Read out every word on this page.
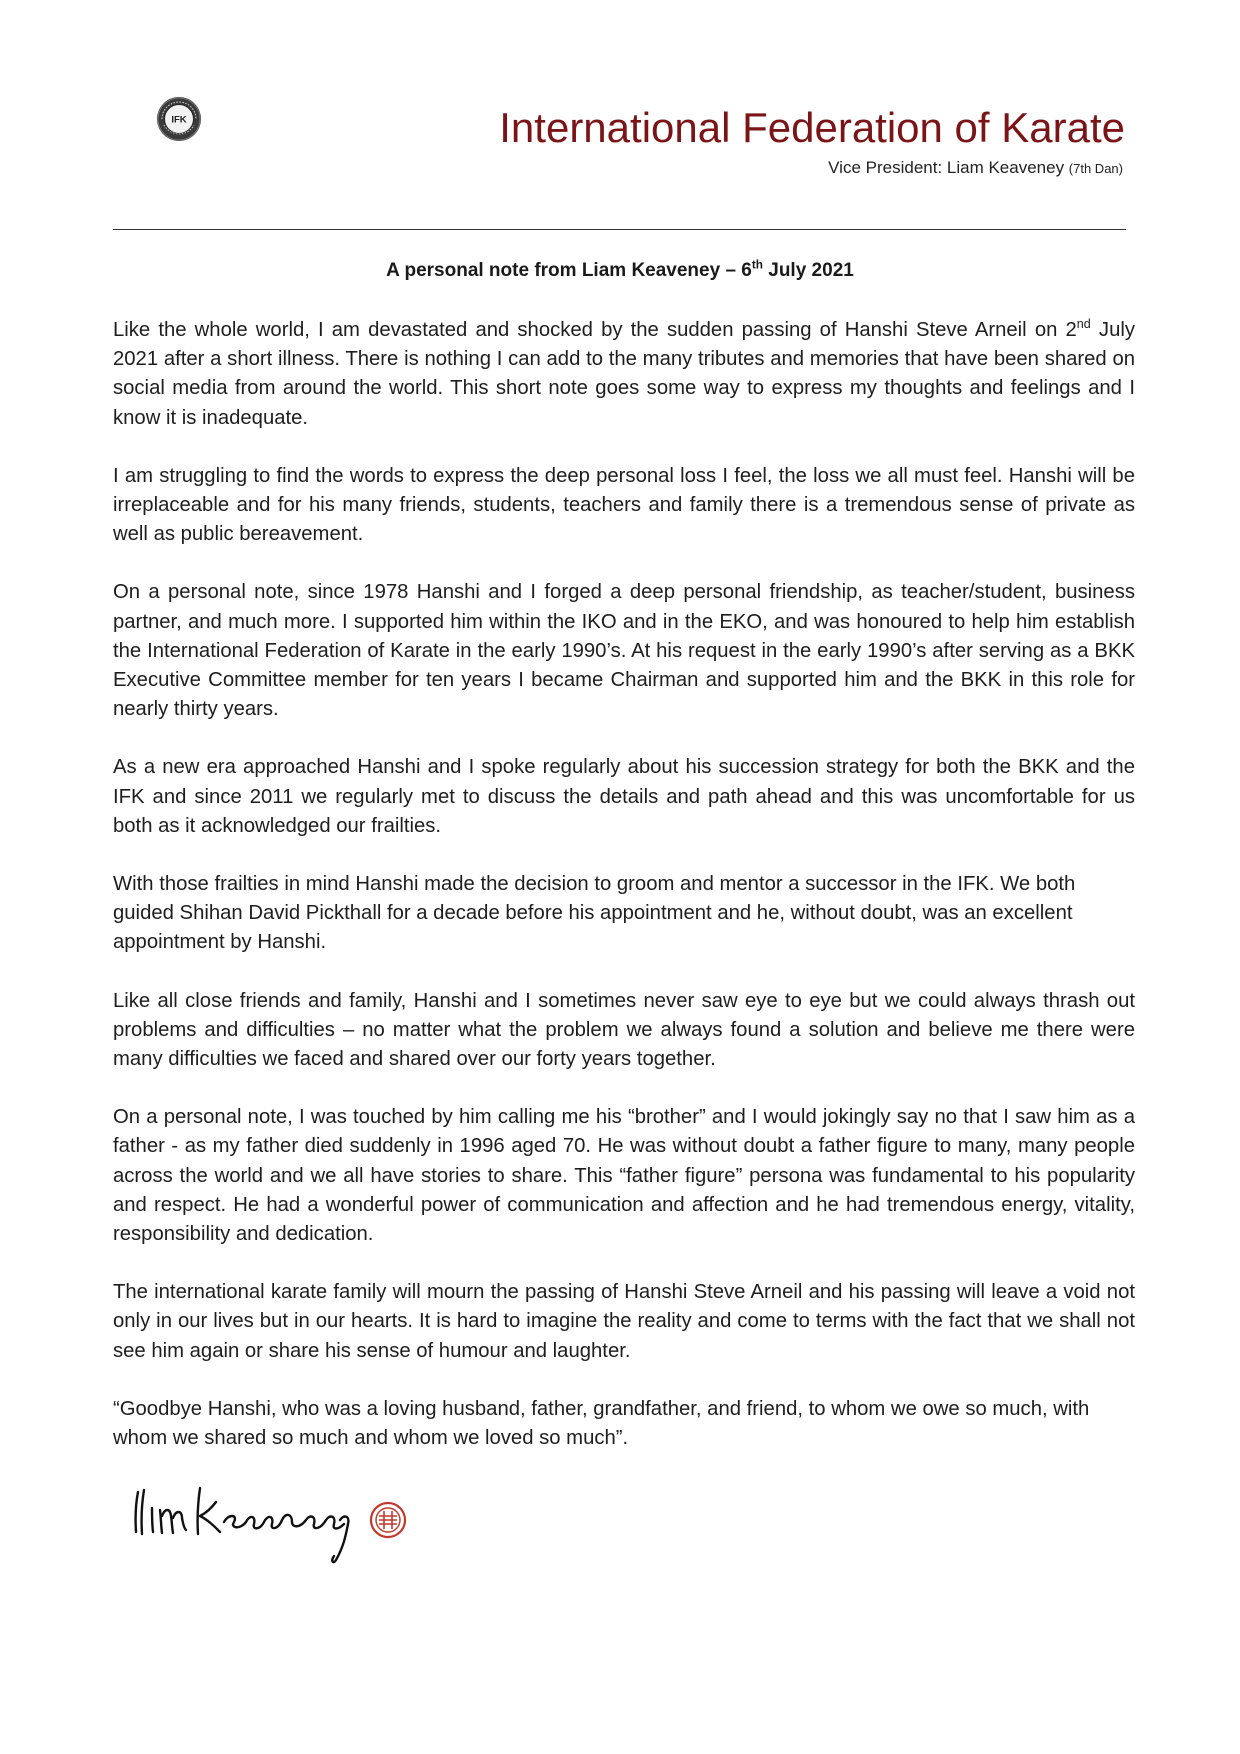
IFK	International Federation of Karate
Vice President: Liam Keaveney (7th Dan)
A personal note from Liam Keaveney – 6th July 2021

Like the whole world, I am devastated and shocked by the sudden passing of Hanshi Steve Arneil on 2nd July 2021 after a short illness. There is nothing I can add to the many tributes and memories that have been shared on social media from around the world. This short note goes some way to express my thoughts and feelings and I know it is inadequate.

I am struggling to find the words to express the deep personal loss I feel, the loss we all must feel. Hanshi will be irreplaceable and for his many friends, students, teachers and family there is a tremendous sense of private as well as public bereavement.

On a personal note, since 1978 Hanshi and I forged a deep personal friendship, as teacher/student, business partner, and much more. I supported him within the IKO and in the EKO, and was honoured to help him establish the International Federation of Karate in the early 1990’s. At his request in the early 1990’s after serving as a BKK Executive Committee member for ten years I became Chairman and supported him and the BKK in this role for nearly thirty years.

As a new era approached Hanshi and I spoke regularly about his succession strategy for both the BKK and the IFK and since 2011 we regularly met to discuss the details and path ahead and this was uncomfortable for us both as it acknowledged our frailties.

With those frailties in mind Hanshi made the decision to groom and mentor a successor in the IFK. We both guided Shihan David Pickthall for a decade before his appointment and he, without doubt, was an excellent appointment by Hanshi.

Like all close friends and family, Hanshi and I sometimes never saw eye to eye but we could always thrash out problems and difficulties – no matter what the problem we always found a solution and believe me there were many difficulties we faced and shared over our forty years together.

On a personal note, I was touched by him calling me his “brother” and I would jokingly say no that I saw him as a father - as my father died suddenly in 1996 aged 70. He was without doubt a father figure to many, many people across the world and we all have stories to share. This “father figure” persona was fundamental to his popularity and respect. He had a wonderful power of communication and affection and he had tremendous energy, vitality, responsibility and dedication.

The international karate family will mourn the passing of Hanshi Steve Arneil and his passing will leave a void not only in our lives but in our hearts. It is hard to imagine the reality and come to terms with the fact that we shall not see him again or share his sense of humour and laughter.

“Goodbye Hanshi, who was a loving husband, father, grandfather, and friend, to whom we owe so much, with whom we shared so much and whom we loved so much”.
